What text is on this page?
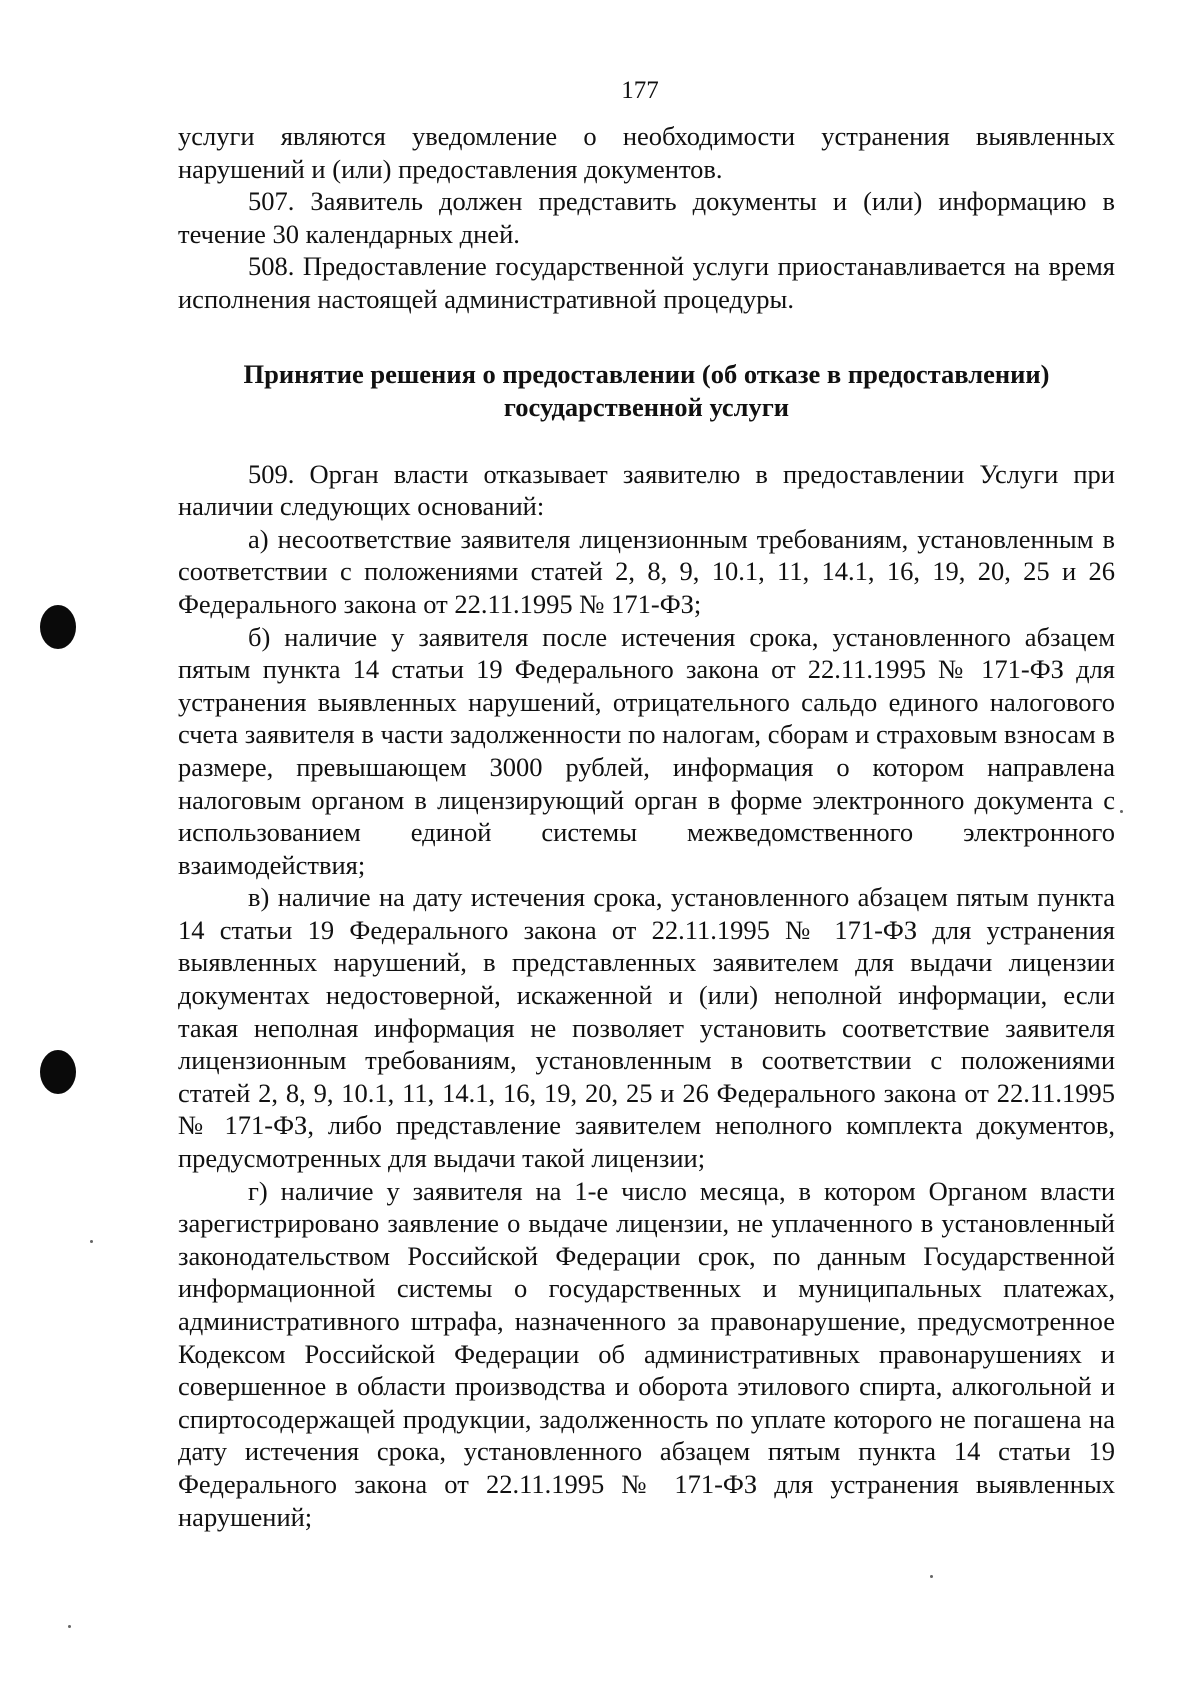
177

услуги являются уведомление о необходимости устранения выявленных нарушений и (или) предоставления документов.

507. Заявитель должен представить документы и (или) информацию в течение 30 календарных дней.

508. Предоставление государственной услуги приостанавливается на время исполнения настоящей административной процедуры.

Принятие решения о предоставлении (об отказе в предоставлении)
государственной услуги

509. Орган власти отказывает заявителю в предоставлении Услуги при наличии следующих оснований:

а) несоответствие заявителя лицензионным требованиям, установленным в соответствии с положениями статей 2, 8, 9, 10.1, 11, 14.1, 16, 19, 20, 25 и 26 Федерального закона от 22.11.1995 № 171-ФЗ;

б) наличие у заявителя после истечения срока, установленного абзацем пятым пункта 14 статьи 19 Федерального закона от 22.11.1995 № 171-ФЗ для устранения выявленных нарушений, отрицательного сальдо единого налогового счета заявителя в части задолженности по налогам, сборам и страховым взносам в размере, превышающем 3000 рублей, информация о котором направлена налоговым органом в лицензирующий орган в форме электронного документа с использованием единой системы межведомственного электронного взаимодействия;

в) наличие на дату истечения срока, установленного абзацем пятым пункта 14 статьи 19 Федерального закона от 22.11.1995 № 171-ФЗ для устранения выявленных нарушений, в представленных заявителем для выдачи лицензии документах недостоверной, искаженной и (или) неполной информации, если такая неполная информация не позволяет установить соответствие заявителя лицензионным требованиям, установленным в соответствии с положениями статей 2, 8, 9, 10.1, 11, 14.1, 16, 19, 20, 25 и 26 Федерального закона от 22.11.1995 № 171-ФЗ, либо представление заявителем неполного комплекта документов, предусмотренных для выдачи такой лицензии;

г) наличие у заявителя на 1-е число месяца, в котором Органом власти зарегистрировано заявление о выдаче лицензии, не уплаченного в установленный законодательством Российской Федерации срок, по данным Государственной информационной системы о государственных и муниципальных платежах, административного штрафа, назначенного за правонарушение, предусмотренное Кодексом Российской Федерации об административных правонарушениях и совершенное в области производства и оборота этилового спирта, алкогольной и спиртосодержащей продукции, задолженность по уплате которого не погашена на дату истечения срока, установленного абзацем пятым пункта 14 статьи 19 Федерального закона от 22.11.1995 № 171-ФЗ для устранения выявленных нарушений;
